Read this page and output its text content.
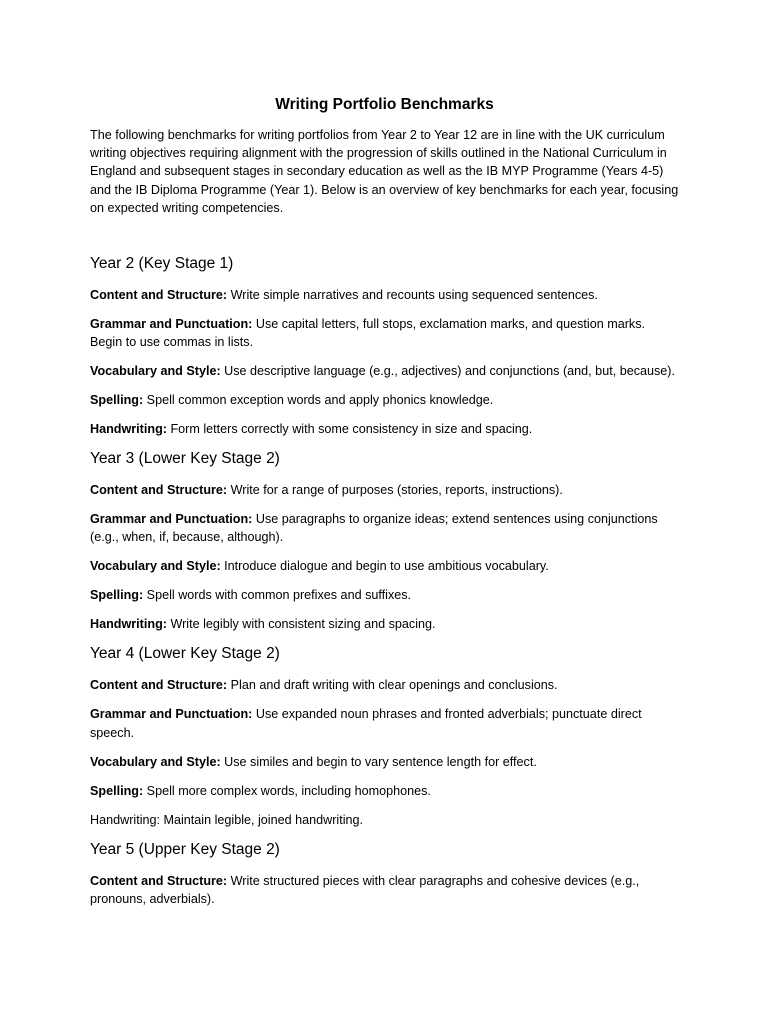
Writing Portfolio Benchmarks

The following benchmarks for writing portfolios from Year 2 to Year 12 are in line with the UK curriculum writing objectives requiring alignment with the progression of skills outlined in the National Curriculum in England and subsequent stages in secondary education as well as the IB MYP Programme (Years 4-5) and the IB Diploma Programme (Year 1). Below is an overview of key benchmarks for each year, focusing on expected writing competencies.

Year 2 (Key Stage 1)

Content and Structure: Write simple narratives and recounts using sequenced sentences.

Grammar and Punctuation: Use capital letters, full stops, exclamation marks, and question marks. Begin to use commas in lists.

Vocabulary and Style: Use descriptive language (e.g., adjectives) and conjunctions (and, but, because).

Spelling: Spell common exception words and apply phonics knowledge.

Handwriting: Form letters correctly with some consistency in size and spacing.

Year 3 (Lower Key Stage 2)

Content and Structure: Write for a range of purposes (stories, reports, instructions).

Grammar and Punctuation: Use paragraphs to organize ideas; extend sentences using conjunctions (e.g., when, if, because, although).

Vocabulary and Style: Introduce dialogue and begin to use ambitious vocabulary.

Spelling: Spell words with common prefixes and suffixes.

Handwriting: Write legibly with consistent sizing and spacing.

Year 4 (Lower Key Stage 2)

Content and Structure: Plan and draft writing with clear openings and conclusions.

Grammar and Punctuation: Use expanded noun phrases and fronted adverbials; punctuate direct speech.

Vocabulary and Style: Use similes and begin to vary sentence length for effect.

Spelling: Spell more complex words, including homophones.

Handwriting: Maintain legible, joined handwriting.

Year 5 (Upper Key Stage 2)

Content and Structure: Write structured pieces with clear paragraphs and cohesive devices (e.g., pronouns, adverbials).
